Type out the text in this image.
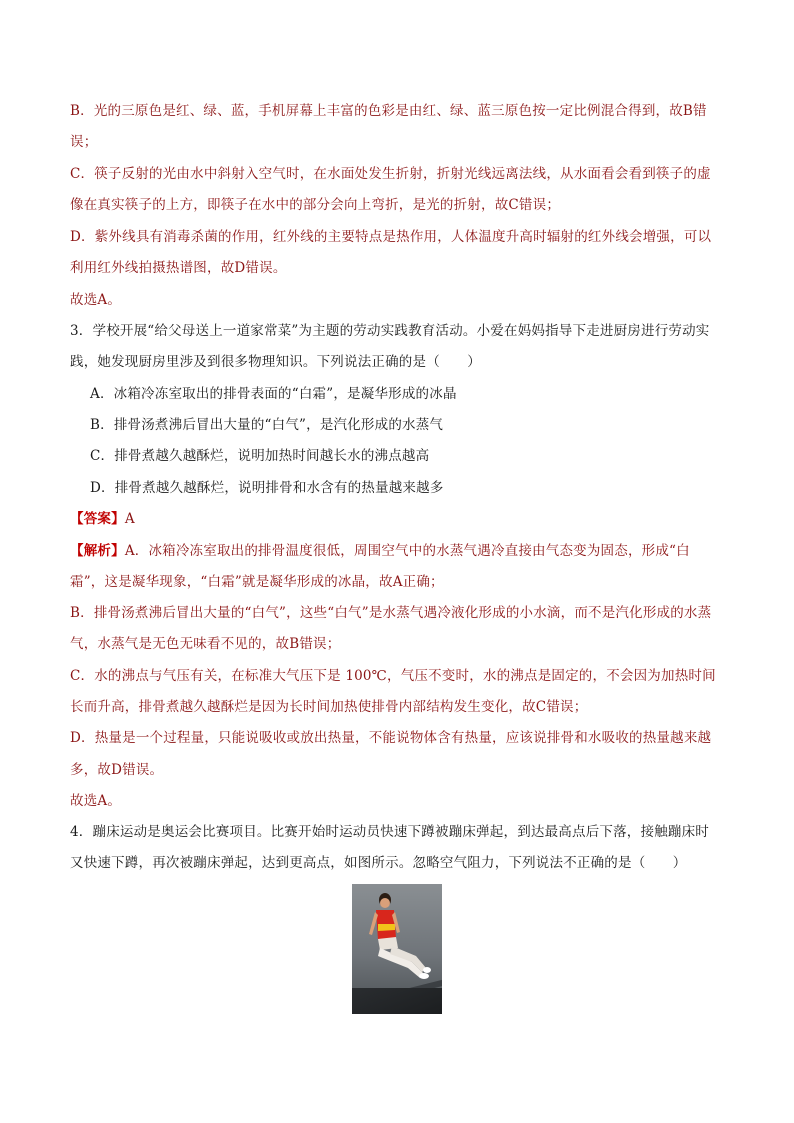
B．光的三原色是红、绿、蓝，手机屏幕上丰富的色彩是由红、绿、蓝三原色按一定比例混合得到，故B错
误；
C．筷子反射的光由水中斜射入空气时，在水面处发生折射，折射光线远离法线，从水面看会看到筷子的虚
像在真实筷子的上方，即筷子在水中的部分会向上弯折，是光的折射，故C错误；
D．紫外线具有消毒杀菌的作用，红外线的主要特点是热作用，人体温度升高时辐射的红外线会增强，可以
利用红外线拍摄热谱图，故D错误。
故选A。
3．学校开展“给父母送上一道家常菜”为主题的劳动实践教育活动。小爱在妈妈指导下走进厨房进行劳动实
践，她发现厨房里涉及到很多物理知识。下列说法正确的是（　　）
A．冰箱冷冻室取出的排骨表面的“白霜”，是凝华形成的冰晶
B．排骨汤煮沸后冒出大量的“白气”，是汽化形成的水蒸气
C．排骨煮越久越酥烂，说明加热时间越长水的沸点越高
D．排骨煮越久越酥烂，说明排骨和水含有的热量越来越多
【答案】A
【解析】A．冰箱冷冻室取出的排骨温度很低，周围空气中的水蒸气遇冷直接由气态变为固态，形成“白
霜”，这是凝华现象，“白霜”就是凝华形成的冰晶，故A正确；
B．排骨汤煮沸后冒出大量的“白气”，这些“白气”是水蒸气遇冷液化形成的小水滴，而不是汽化形成的水蒸
气，水蒸气是无色无味看不见的，故B错误；
C．水的沸点与气压有关，在标准大气压下是 100℃，气压不变时，水的沸点是固定的，不会因为加热时间
长而升高，排骨煮越久越酥烂是因为长时间加热使排骨内部结构发生变化，故C错误；
D．热量是一个过程量，只能说吸收或放出热量，不能说物体含有热量，应该说排骨和水吸收的热量越来越
多，故D错误。
故选A。
4．蹦床运动是奥运会比赛项目。比赛开始时运动员快速下蹲被蹦床弹起，到达最高点后下落，接触蹦床时
又快速下蹲，再次被蹦床弹起，达到更高点，如图所示。忽略空气阻力，下列说法不正确的是（　　）
